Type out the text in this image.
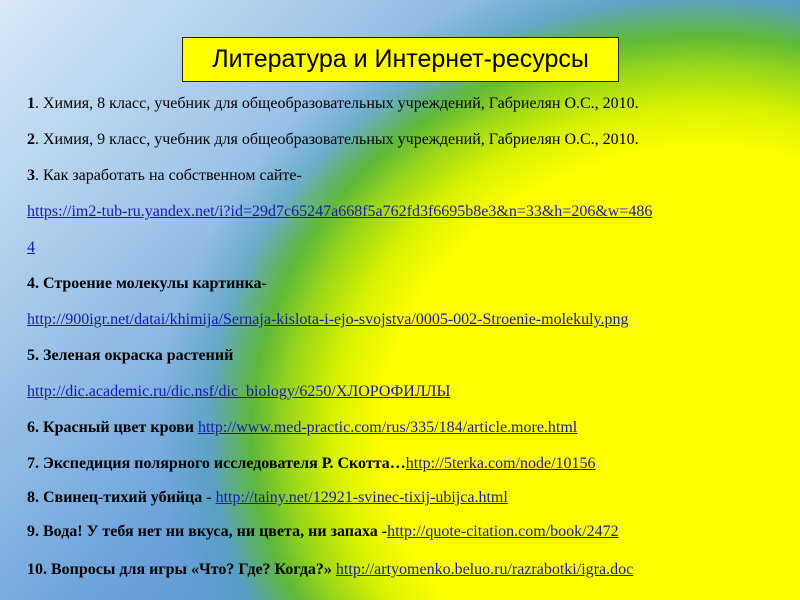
Литература и Интернет-ресурсы
1. Химия, 8 класс, учебник для общеобразовательных учреждений, Габриелян О.С., 2010.
2. Химия, 9 класс, учебник для общеобразовательных учреждений, Габриелян О.С., 2010.
3. Как заработать на собственном сайте-
https://im2-tub-ru.yandex.net/i?id=29d7c65247a668f5a762fd3f6695b8e3&n=33&h=206&w=486
4
4. Строение молекулы картинка-
http://900igr.net/datai/khimija/Sernaja-kislota-i-ejo-svojstva/0005-002-Stroenie-molekuly.png
5. Зеленая окраска растений
http://dic.academic.ru/dic.nsf/dic_biology/6250/ХЛОРОФИЛЛЫ
6. Красный цвет крови http://www.med-practic.com/rus/335/184/article.more.html
7. Экспедиция полярного исследователя Р. Скотта…http://5terka.com/node/10156
8. Свинец-тихий убийца - http://tainy.net/12921-svinec-tixij-ubijca.html
9. Вода! У тебя нет ни вкуса, ни цвета, ни запаха -http://quote-citation.com/book/2472
10. Вопросы для игры «Что? Где? Когда?» http://artyomenko.beluo.ru/razrabotki/igra.doc
